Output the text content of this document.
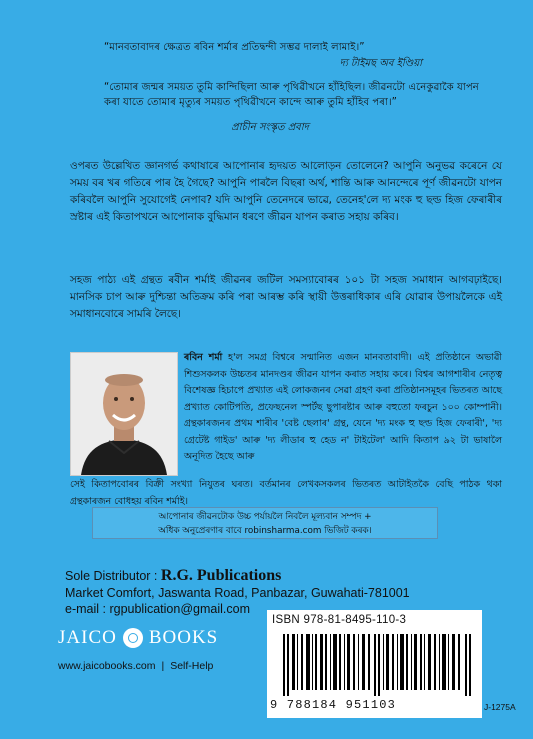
“মানবতাবাদৰ ক্ষেত্ৰত ৰবিন শৰ্মাৰ প্ৰতিদ্বন্দী সম্ভৱ দালাই লামাই।”
দ্য টাইমছ অব ইণ্ডিয়া
“তোমাৰ জন্মৰ সময়ত তুমি কান্দিছিলা আৰু পৃথিৱীখনে হাঁহিছিল। জীৱনটো এনেকুৱাকৈ যাপন কৰা যাতে তোমাৰ মৃত্যুৰ সময়ত পৃথিৱীখনে কান্দে আৰু তুমি হাঁহিব পৰা।”
প্ৰাচীন সংস্কৃত প্ৰবাদ
ওপৰত উল্লেখিত জ্ঞানগৰ্ভ কথাষাৰে আপোনাৰ হৃদয়ত আলোড়ন তোলেনে? আপুনি অনুভৱ কৰেনে যে সময় বৰ খৰ গতিৰে পাৰ হৈ গৈছে? আপুনি পাৰলৈ বিছৰা অৰ্থ, শান্তি আৰু আনন্দেৰে পূৰ্ণ জীৱনটো যাপন কৰিবলৈ আপুনি সুযোগেই নেপাব? যদি আপুনি তেনেদৰে ভাৱে, তেনেহ'লে দ্য মংক হু ছল্ড হিজ ফেৰাৰীৰ স্ৰষ্টাৰ এই কিতাপখনে আপোনাক বুদ্ধিমান ধৰণে জীৱন যাপন কৰাত সহায় কৰিব।
সহজ পাঠ্য এই গ্ৰন্থত ৰবীন শৰ্মাই জীৱনৰ জটিল সমস্যাবোৰৰ ১০১ টা সহজ সমাধান আগবঢ়াইছে। মানসিক চাপ আৰু দুশ্চিন্তা অতিক্ৰম কৰি পৰা আৰম্ভ কৰি স্থায়ী উত্তৰাধিকাৰ এৰি যোৱাৰ উপায়লৈকে এই সমাধানবোৰে সামৰি লৈছে।
ৰবিন শৰ্মা হ'ল সমগ্ৰ বিশ্বৰে সন্মানিত এজন মানবতাবাদী। এই প্ৰতিষ্ঠানে অভাৱী শিশুসকলক উচ্চতৰ মানদণ্ডৰ জীৱন যাপন কৰাত সহায় কৰে। বিশ্বৰ আগশাৰীৰ নেতৃত্ব বিশেষজ্ঞ হিচাপে প্ৰখ্যাত এই লোকজনৰ সেৱা গ্ৰহণ কৰা প্ৰতিষ্ঠানসমূহৰ ভিতৰত আছে প্ৰখ্যাত কোটিপতি, প্ৰফেছনেল স্পৰ্টছ ছুপাৰষ্টাৰ আৰু বহুতো ফৰচুন ১০০ কোম্পানী। গ্ৰন্থকাৰজনৰ প্ৰথম শাৰীৰ 'বেষ্ট ছেলাৰ' গ্ৰন্থ, যেনে 'দ্য মংক হু ছল্ড হিজ ফেৰাৰী', 'দ্য গ্ৰেটেষ্ট গাইড' আৰু 'দ্য লীডাৰ হু হেড ন' টাইটেল' আদি কিতাপ ৯২ টা ভাষালৈ অনূদিত হৈছে আৰু
সেই কিতাপবোৰৰ বিক্ৰী সংখ্যা নিযুতৰ ঘৰত। বৰ্তমানৰ লেখকসকলৰ ভিতৰত আটাইতকৈ বেছি পাঠক থকা গ্ৰন্থকাৰজন বোধহয় ৰবিন শৰ্মাই।
আপোনাৰ জীৱনটোক উচ্চ পৰ্যায়লৈ নিবলৈ মূল্যবান সম্পদ +
অধিক অনুপ্ৰেৰণাৰ বাবে robinsharma.com ভিজিট কৰক।
Sole Distributor : R.G. Publications
Market Comfort, Jaswanta Road, Panbazar, Guwahati-781001
e-mail : rgpublication@gmail.com
JAICO BOOKS
www.jaicobooks.com | Self-Help
ISBN 978-81-8495-110-3
9 788184 951103	J-1275A
